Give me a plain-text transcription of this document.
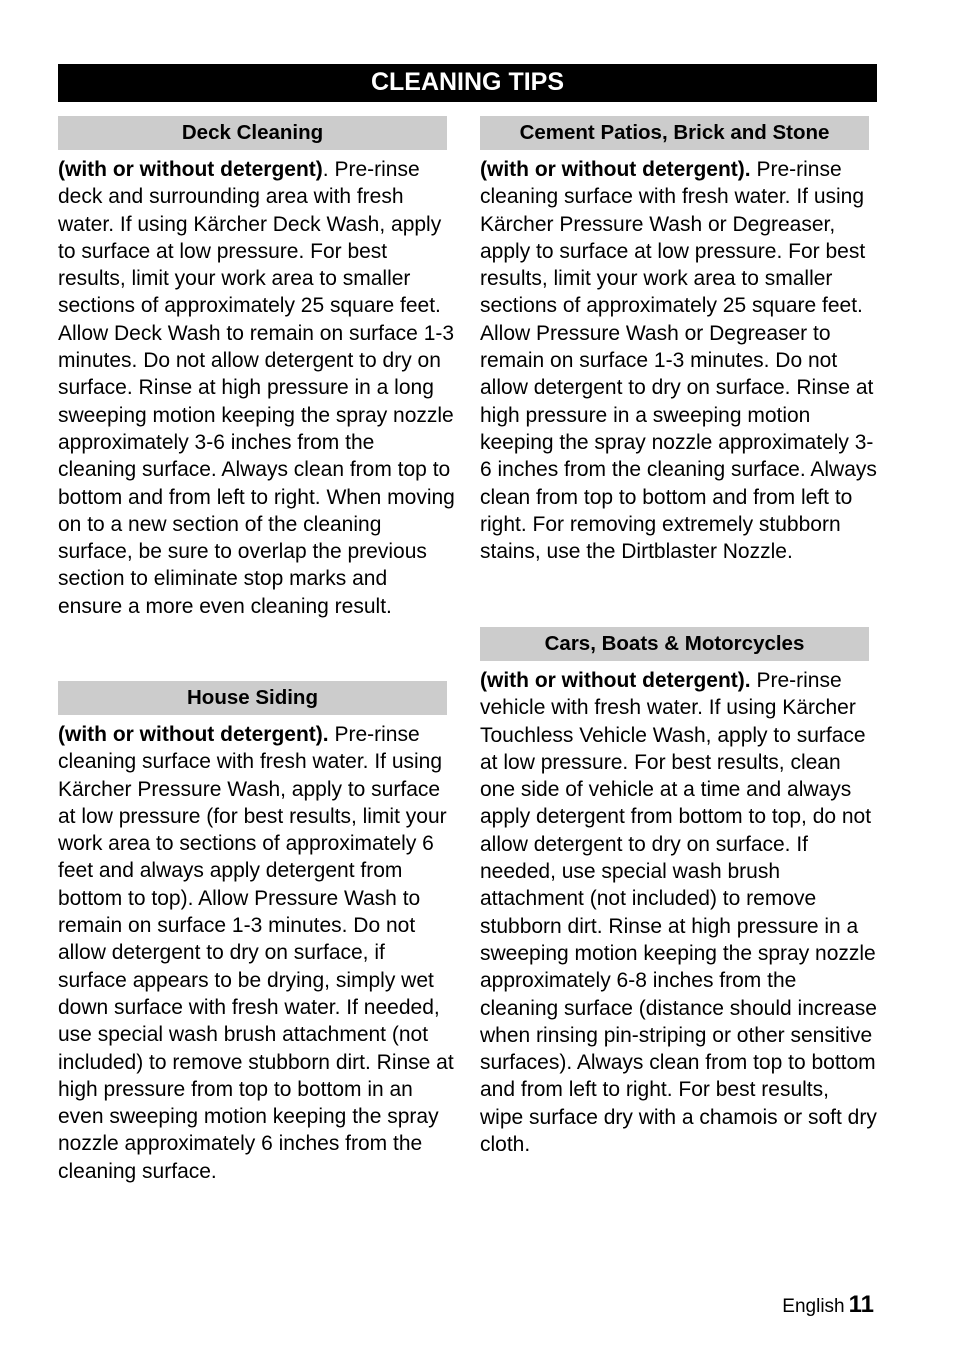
CLEANING TIPS
Deck Cleaning

(with or without detergent). Pre-rinse deck and surrounding area with fresh water. If using Kärcher Deck Wash, apply to surface at low pressure. For best results, limit your work area to smaller sections of approximately 25 square feet. Allow Deck Wash to remain on surface 1-3 minutes. Do not allow detergent to dry on surface. Rinse at high pressure in a long sweeping motion keeping the spray nozzle approximately 3-6 inches from the cleaning surface. Always clean from top to bottom and from left to right. When moving on to a new section of the cleaning surface, be sure to overlap the previous section to eliminate stop marks and ensure a more even cleaning result.

House Siding

(with or without detergent). Pre-rinse cleaning surface with fresh water. If using Kärcher Pressure Wash, apply to surface at low pressure (for best results, limit your work area to sections of approximately 6 feet and always apply detergent from bottom to top). Allow Pressure Wash to remain on surface 1-3 minutes. Do not allow detergent to dry on surface, if surface appears to be drying, simply wet down surface with fresh water. If needed, use special wash brush attachment (not included) to remove stubborn dirt. Rinse at high pressure from top to bottom in an even sweeping motion keeping the spray nozzle approximately 6 inches from the cleaning surface.

Cement Patios, Brick and Stone

(with or without detergent). Pre-rinse cleaning surface with fresh water. If using Kärcher Pressure Wash or Degreaser, apply to surface at low pressure. For best results, limit your work area to smaller sections of approximately 25 square feet. Allow Pressure Wash or Degreaser to remain on surface 1-3 minutes. Do not allow detergent to dry on surface. Rinse at high pressure in a sweeping motion keeping the spray nozzle approximately 3-6 inches from the cleaning surface. Always clean from top to bottom and from left to right. For removing extremely stubborn stains, use the Dirtblaster Nozzle.

Cars, Boats & Motorcycles

(with or without detergent). Pre-rinse vehicle with fresh water. If using Kärcher Touchless Vehicle Wash, apply to surface at low pressure. For best results, clean one side of vehicle at a time and always apply detergent from bottom to top, do not allow detergent to dry on surface. If needed, use special wash brush attachment (not included) to remove stubborn dirt. Rinse at high pressure in a sweeping motion keeping the spray nozzle approximately 6-8 inches from the cleaning surface (distance should increase when rinsing pin-striping or other sensitive surfaces). Always clean from top to bottom and from left to right. For best results, wipe surface dry with a chamois or soft dry cloth.

English 11
